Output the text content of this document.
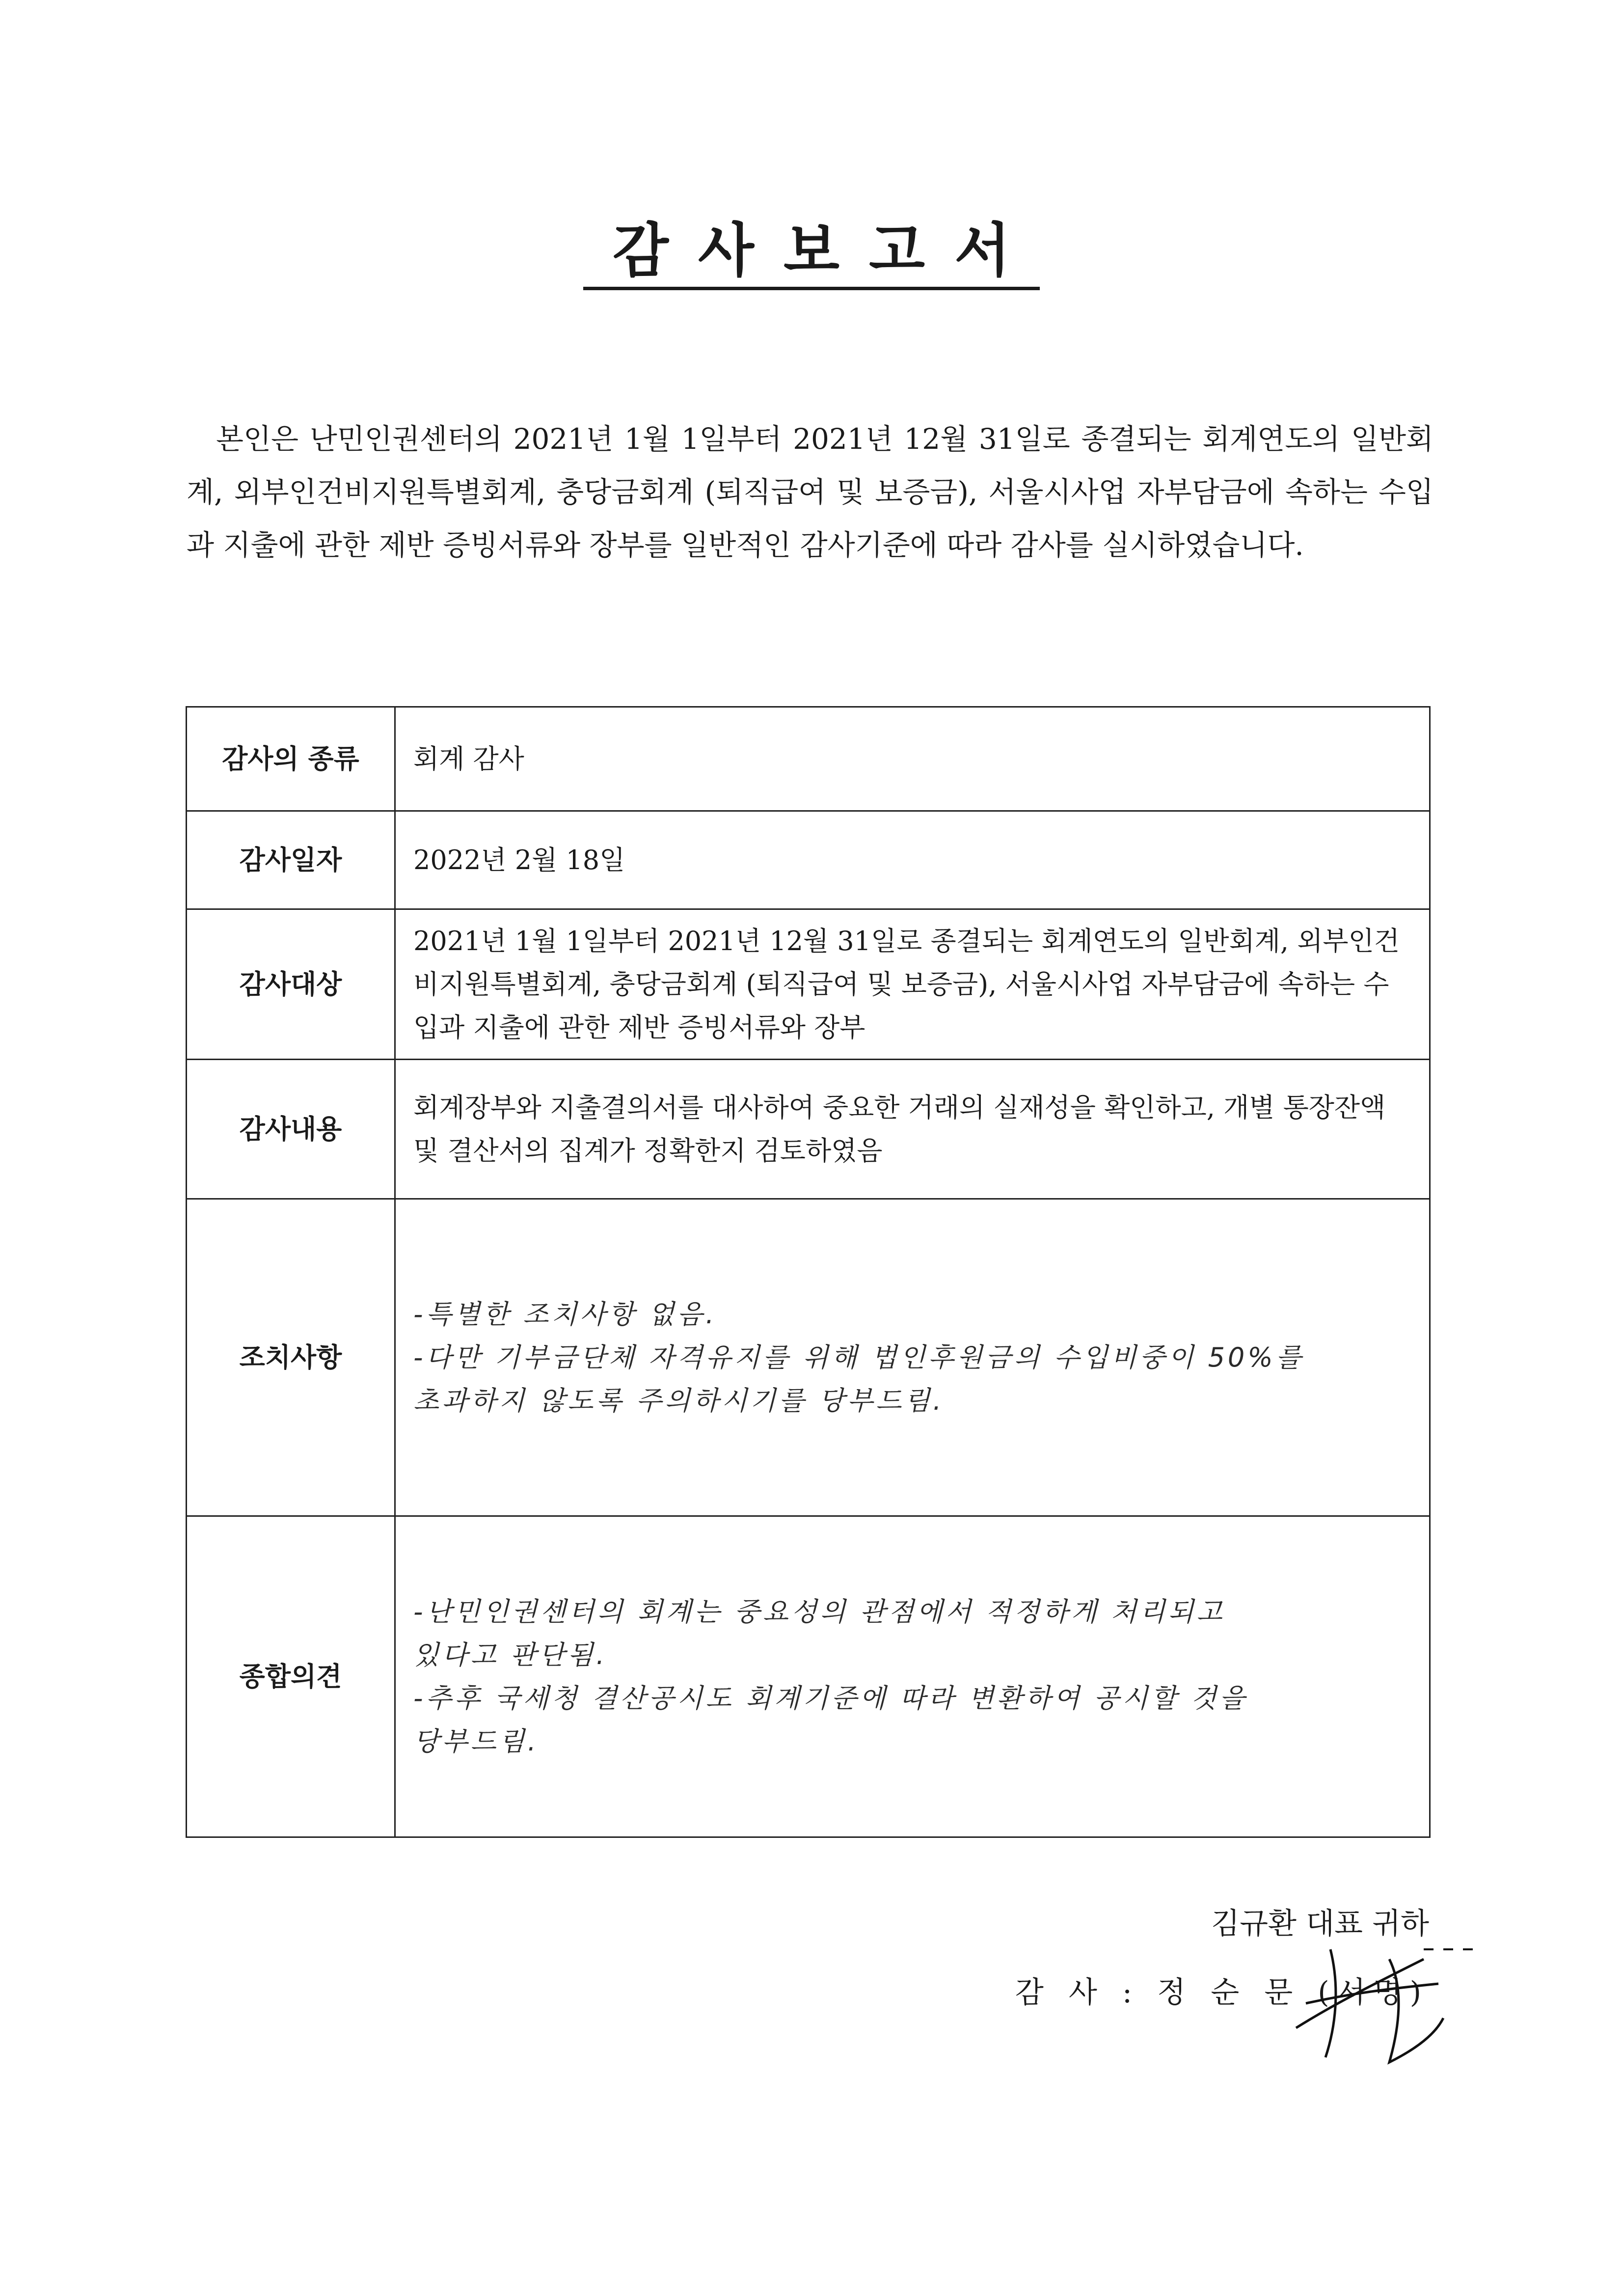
감사보고서

본인은 난민인권센터의 2021년 1월 1일부터 2021년 12월 31일로 종결되는 회계연도의 일반회계, 외부인건비지원특별회계, 충당금회계 (퇴직급여 및 보증금), 서울시사업 자부담금에 속하는 수입과 지출에 관한 제반 증빙서류와 장부를 일반적인 감사기준에 따라 감사를 실시하였습니다.

감사의 종류	회계 감사
감사일자	2022년 2월 18일
감사대상	2021년 1월 1일부터 2021년 12월 31일로 종결되는 회계연도의 일반회계, 외부인건비지원특별회계, 충당금회계 (퇴직급여 및 보증금), 서울시사업 자부담금에 속하는 수입과 지출에 관한 제반 증빙서류와 장부
감사내용	회계장부와 지출결의서를 대사하여 중요한 거래의 실재성을 확인하고, 개별 통장잔액 및 결산서의 집계가 정확한지 검토하였음
조치사항	-특별한 조치사항 없음.
-다만 기부금단체 자격유지를 위해 법인후원금의 수입비중이 50%를
초과하지 않도록 주의하시기를 당부드림.

종합의견	-난민인권센터의 회계는 중요성의 관점에서 적정하게 처리되고
있다고 판단됨.
-추후 국세청 결산공시도 회계기준에 따라 변환하여 공시할 것을
당부드림.
김규환 대표 귀하
감 사 : 정 순 문 (서명)
